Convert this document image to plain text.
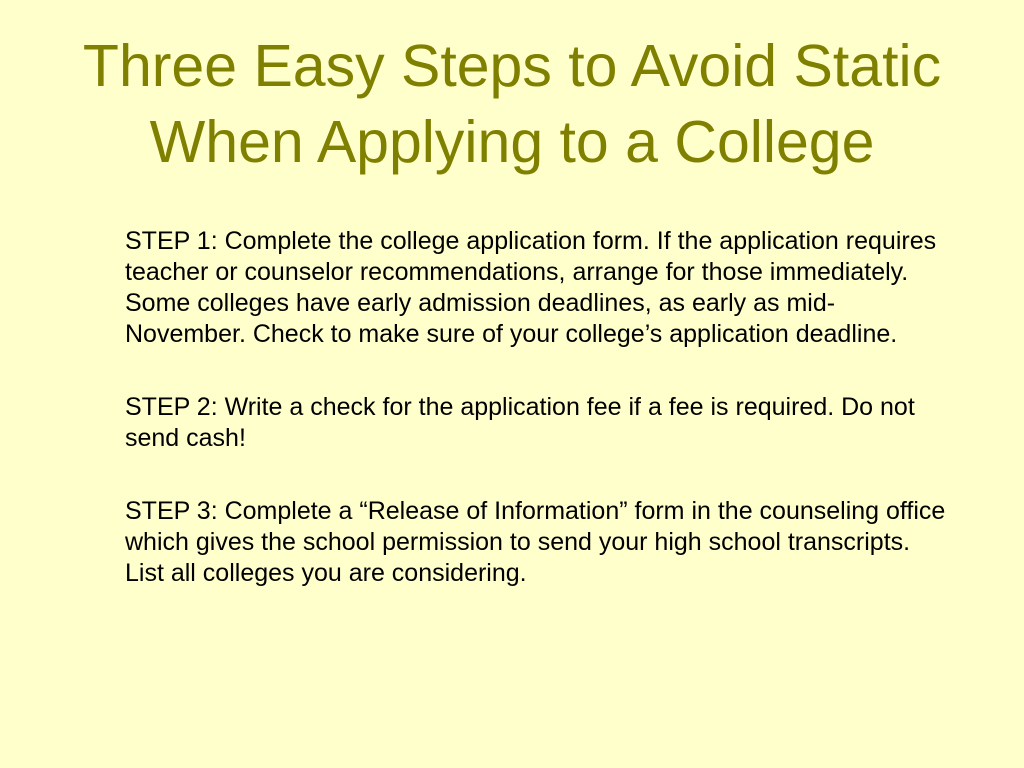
Three Easy Steps to Avoid Static When Applying to a College

STEP 1: Complete the college application form. If the application requires teacher or counselor recommendations, arrange for those immediately. Some colleges have early admission deadlines, as early as mid-November. Check to make sure of your college’s application deadline.

STEP 2: Write a check for the application fee if a fee is required. Do not send cash!

STEP 3: Complete a “Release of Information” form in the counseling office which gives the school permission to send your high school transcripts. List all colleges you are considering.
